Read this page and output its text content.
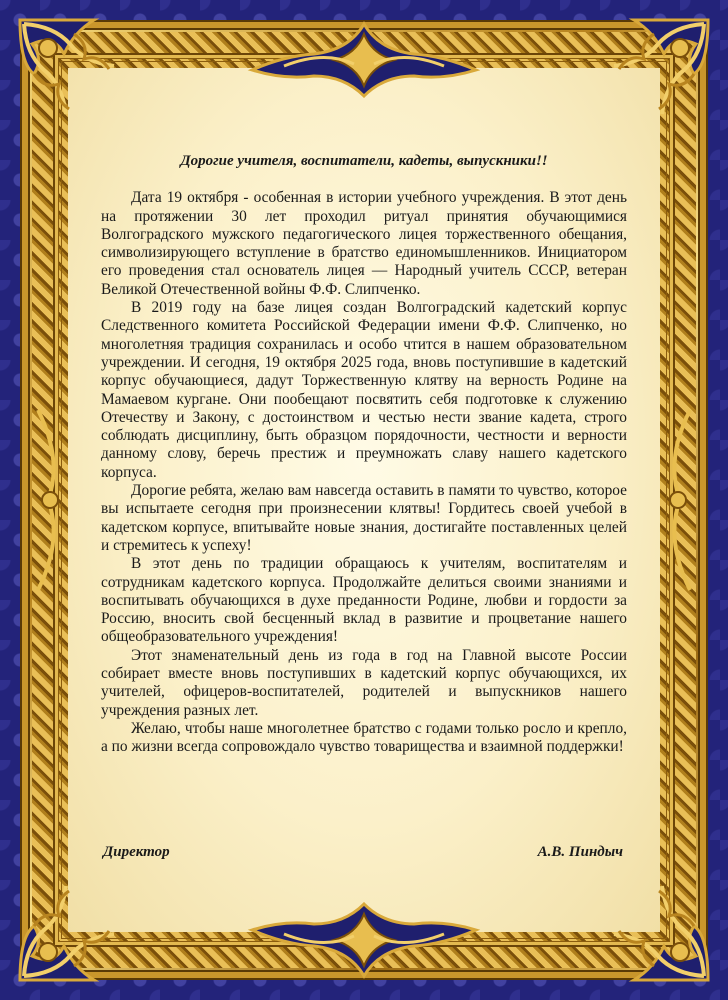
Дорогие учителя, воспитатели, кадеты, выпускники!!

Дата 19 октября - особенная в истории учебного учреждения. В этот день на протяжении 30 лет проходил ритуал принятия обучающимися Волгоградского мужского педагогического лицея торжественного обещания, символизирующего вступление в братство единомышленников. Инициатором его проведения стал основатель лицея — Народный учитель СССР, ветеран Великой Отечественной войны Ф.Ф. Слипченко.

В 2019 году на базе лицея создан Волгоградский кадетский корпус Следственного комитета Российской Федерации имени Ф.Ф. Слипченко, но многолетняя традиция сохранилась и особо чтится в нашем образовательном учреждении. И сегодня, 19 октября 2025 года, вновь поступившие в кадетский корпус обучающиеся, дадут Торжественную клятву на верность Родине на Мамаевом кургане. Они пообещают посвятить себя подготовке к служению Отечеству и Закону, с достоинством и честью нести звание кадета, строго соблюдать дисциплину, быть образцом порядочности, честности и верности данному слову, беречь престиж и преумножать славу нашего кадетского корпуса.

Дорогие ребята, желаю вам навсегда оставить в памяти то чувство, которое вы испытаете сегодня при произнесении клятвы! Гордитесь своей учебой в кадетском корпусе, впитывайте новые знания, достигайте поставленных целей и стремитесь к успеху!

В этот день по традиции обращаюсь к учителям, воспитателям и сотрудникам кадетского корпуса. Продолжайте делиться своими знаниями и воспитывать обучающихся в духе преданности Родине, любви и гордости за Россию, вносить свой бесценный вклад в развитие и процветание нашего общеобразовательного учреждения!

Этот знаменательный день из года в год на Главной высоте России собирает вместе вновь поступивших в кадетский корпус обучающихся, их учителей, офицеров-воспитателей, родителей и выпускников нашего учреждения разных лет.

Желаю, чтобы наше многолетнее братство с годами только росло и крепло, а по жизни всегда сопровождало чувство товарищества и взаимной поддержки!

Директор	А.В. Пиндыч
